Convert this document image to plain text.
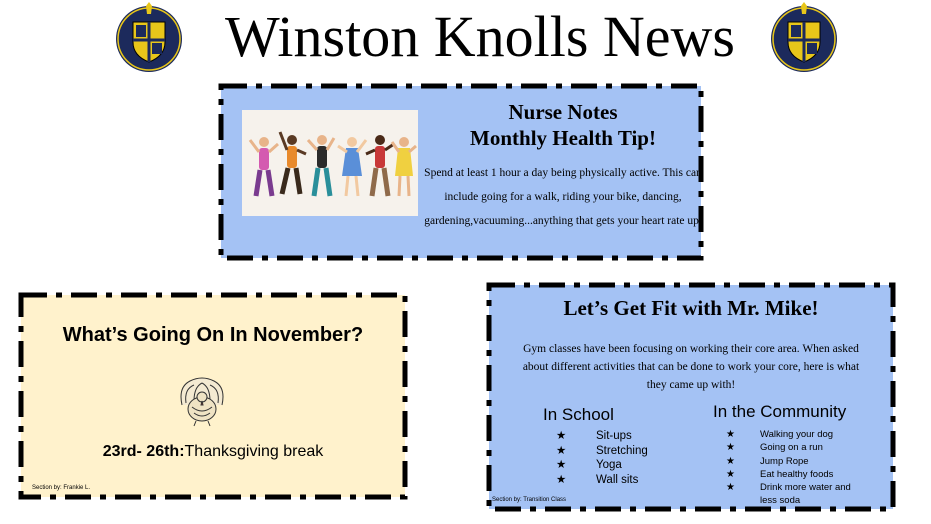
Winston Knolls News
Nurse Notes
Monthly Health Tip!
Spend at least 1 hour a day being physically active. This can include going for a walk, riding your bike, dancing, gardening,vacuuming...anything that gets your heart rate up.
What’s Going On In November?
23rd- 26th:Thanksgiving break
Section by: Frankie L.
Let’s Get Fit with Mr. Mike!
Gym classes have been focusing on working their core area. When asked about different activities that can be done to work your core, here is what they came up with!
In School
★	Sit-ups
★	Stretching
★	Yoga
★	Wall sits
In the Community
★	Walking your dog
★	Going on a run
★	Jump Rope
★	Eat healthy foods
★	Drink more water and less soda
Section by: Transition Class
